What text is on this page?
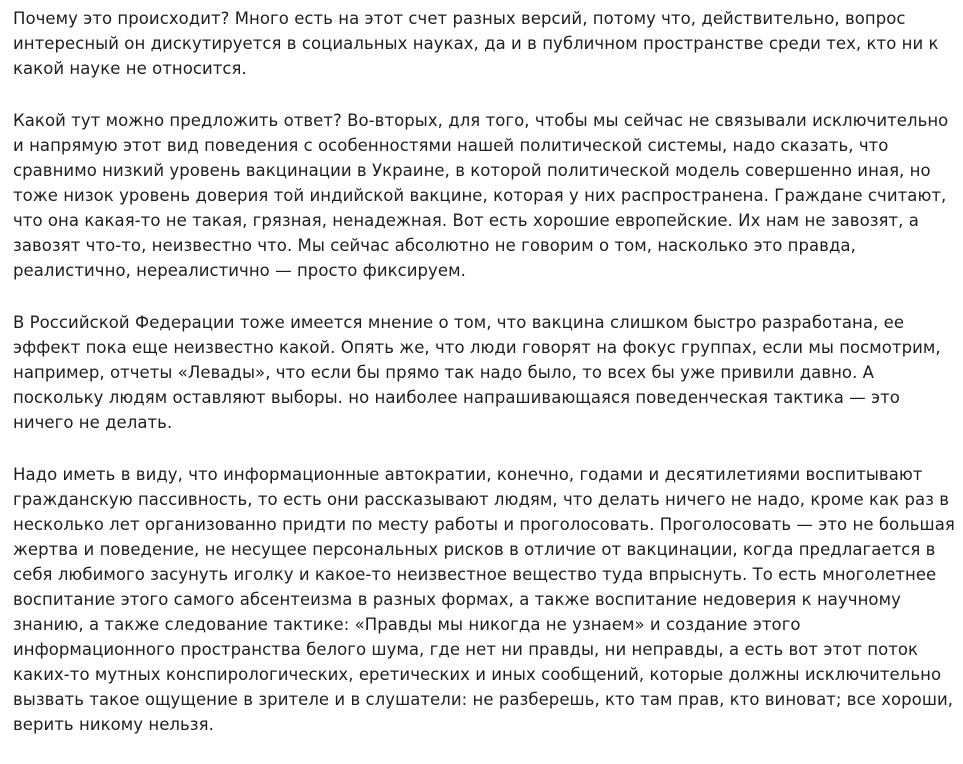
Почему это происходит? Много есть на этот счет разных версий, потому что, действительно, вопрос интересный он дискутируется в социальных науках, да и в публичном пространстве среди тех, кто ни к какой науке не относится.

Какой тут можно предложить ответ? Во-вторых, для того, чтобы мы сейчас не связывали исключительно и напрямую этот вид поведения с особенностями нашей политической системы, надо сказать, что сравнимо низкий уровень вакцинации в Украине, в которой политической модель совершенно иная, но тоже низок уровень доверия той индийской вакцине, которая у них распространена. Граждане считают, что она какая-то не такая, грязная, ненадежная. Вот есть хорошие европейские. Их нам не завозят, а завозят что-то, неизвестно что. Мы сейчас абсолютно не говорим о том, насколько это правда, реалистично, нереалистично — просто фиксируем.

В Российской Федерации тоже имеется мнение о том, что вакцина слишком быстро разработана, ее эффект пока еще неизвестно какой. Опять же, что люди говорят на фокус группах, если мы посмотрим, например, отчеты «Левады», что если бы прямо так надо было, то всех бы уже привили давно. А поскольку людям оставляют выборы. но наиболее напрашивающаяся поведенческая тактика — это ничего не делать.

Надо иметь в виду, что информационные автократии, конечно, годами и десятилетиями воспитывают гражданскую пассивность, то есть они рассказывают людям, что делать ничего не надо, кроме как раз в несколько лет организованно придти по месту работы и проголосовать. Проголосовать — это не большая жертва и поведение, не несущее персональных рисков в отличие от вакцинации, когда предлагается в себя любимого засунуть иголку и какое-то неизвестное вещество туда впрыснуть. То есть многолетнее воспитание этого самого абсентеизма в разных формах, а также воспитание недоверия к научному знанию, а также следование тактике: «Правды мы никогда не узнаем» и создание этого информационного пространства белого шума, где нет ни правды, ни неправды, а есть вот этот поток каких-то мутных конспирологических, еретических и иных сообщений, которые должны исключительно вызвать такое ощущение в зрителе и в слушатели: не разберешь, кто там прав, кто виноват; все хороши, верить никому нельзя.
